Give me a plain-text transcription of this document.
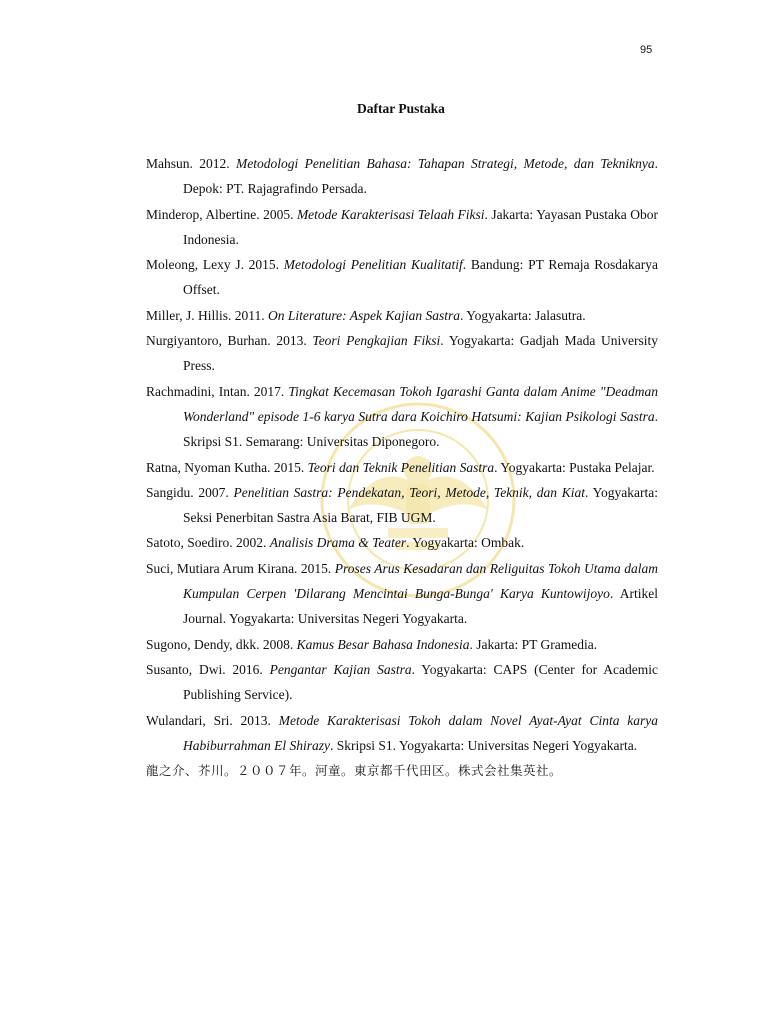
95
Daftar Pustaka
Mahsun. 2012. Metodologi Penelitian Bahasa: Tahapan Strategi, Metode, dan Tekniknya. Depok: PT. Rajagrafindo Persada.
Minderop, Albertine. 2005. Metode Karakterisasi Telaah Fiksi. Jakarta: Yayasan Pustaka Obor Indonesia.
Moleong, Lexy J. 2015. Metodologi Penelitian Kualitatif. Bandung: PT Remaja Rosdakarya Offset.
Miller, J. Hillis. 2011. On Literature: Aspek Kajian Sastra. Yogyakarta: Jalasutra.
Nurgiyantoro, Burhan. 2013. Teori Pengkajian Fiksi. Yogyakarta: Gadjah Mada University Press.
Rachmadini, Intan. 2017. Tingkat Kecemasan Tokoh Igarashi Ganta dalam Anime "Deadman Wonderland" episode 1-6 karya Sutra dara Koichiro Hatsumi: Kajian Psikologi Sastra. Skripsi S1. Semarang: Universitas Diponegoro.
Ratna, Nyoman Kutha. 2015. Teori dan Teknik Penelitian Sastra. Yogyakarta: Pustaka Pelajar.
Sangidu. 2007. Penelitian Sastra: Pendekatan, Teori, Metode, Teknik, dan Kiat. Yogyakarta: Seksi Penerbitan Sastra Asia Barat, FIB UGM.
Satoto, Soediro. 2002. Analisis Drama & Teater. Yogyakarta: Ombak.
Suci, Mutiara Arum Kirana. 2015. Proses Arus Kesadaran dan Religuitas Tokoh Utama dalam Kumpulan Cerpen 'Dilarang Mencintai Bunga-Bunga' Karya Kuntowijoyo. Artikel Journal. Yogyakarta: Universitas Negeri Yogyakarta.
Sugono, Dendy, dkk. 2008. Kamus Besar Bahasa Indonesia. Jakarta: PT Gramedia.
Susanto, Dwi. 2016. Pengantar Kajian Sastra. Yogyakarta: CAPS (Center for Academic Publishing Service).
Wulandari, Sri. 2013. Metode Karakterisasi Tokoh dalam Novel Ayat-Ayat Cinta karya Habiburrahman El Shirazy. Skripsi S1. Yogyakarta: Universitas Negeri Yogyakarta.
龍之介、芥川。２００７年。河童。東京都千代田区。株式会社集英社。
